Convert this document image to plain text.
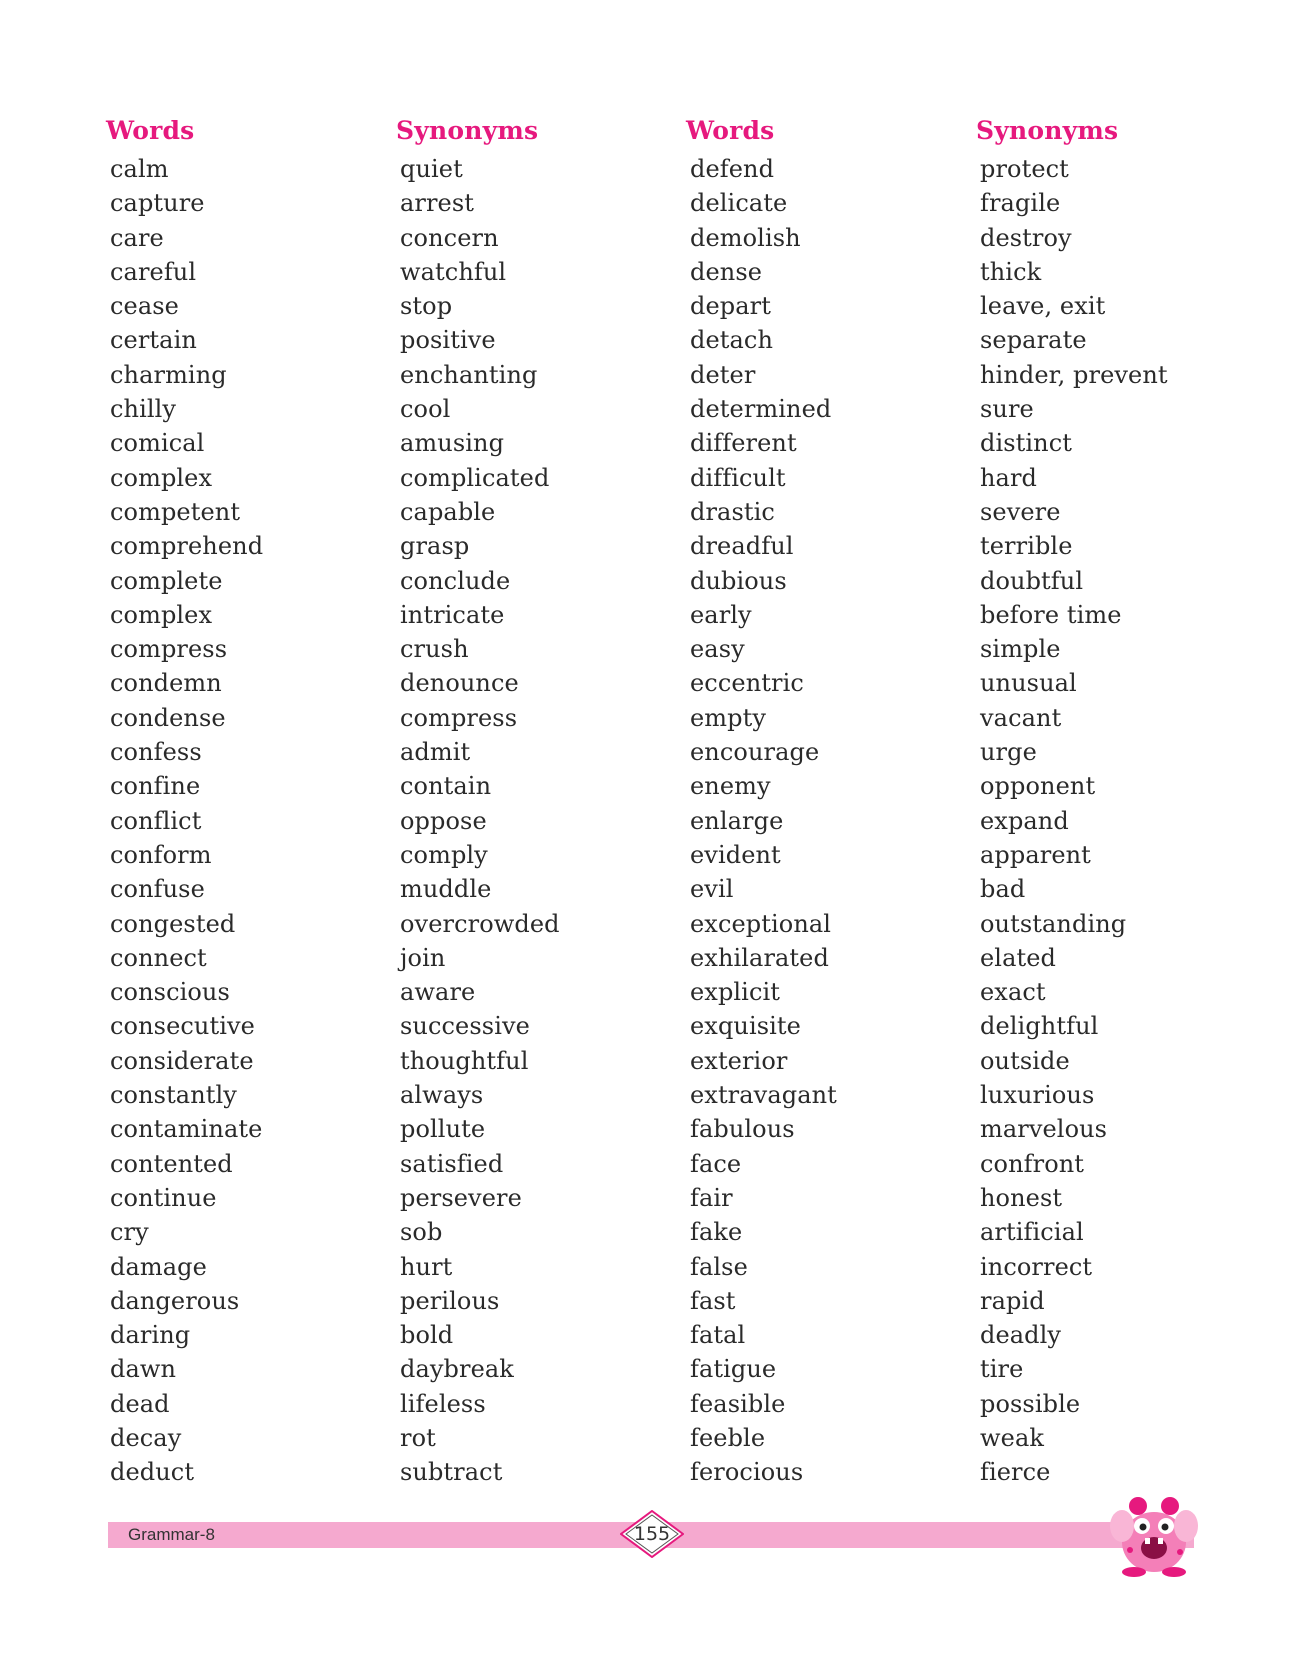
Words
calm
capture
care
careful
cease
certain
charming
chilly
comical
complex
competent
comprehend
complete
complex
compress
condemn
condense
confess
confine
conflict
conform
confuse
congested
connect
conscious
consecutive
considerate
constantly
contaminate
contented
continue
cry
damage
dangerous
daring
dawn
dead
decay
deduct
Synonyms
quiet
arrest
concern
watchful
stop
positive
enchanting
cool
amusing
complicated
capable
grasp
conclude
intricate
crush
denounce
compress
admit
contain
oppose
comply
muddle
overcrowded
join
aware
successive
thoughtful
always
pollute
satisfied
persevere
sob
hurt
perilous
bold
daybreak
lifeless
rot
subtract
Words
defend
delicate
demolish
dense
depart
detach
deter
determined
different
difficult
drastic
dreadful
dubious
early
easy
eccentric
empty
encourage
enemy
enlarge
evident
evil
exceptional
exhilarated
explicit
exquisite
exterior
extravagant
fabulous
face
fair
fake
false
fast
fatal
fatigue
feasible
feeble
ferocious
Synonyms
protect
fragile
destroy
thick
leave, exit
separate
hinder, prevent
sure
distinct
hard
severe
terrible
doubtful
before time
simple
unusual
vacant
urge
opponent
expand
apparent
bad
outstanding
elated
exact
delightful
outside
luxurious
marvelous
confront
honest
artificial
incorrect
rapid
deadly
tire
possible
weak
fierce
Grammar-8	155
